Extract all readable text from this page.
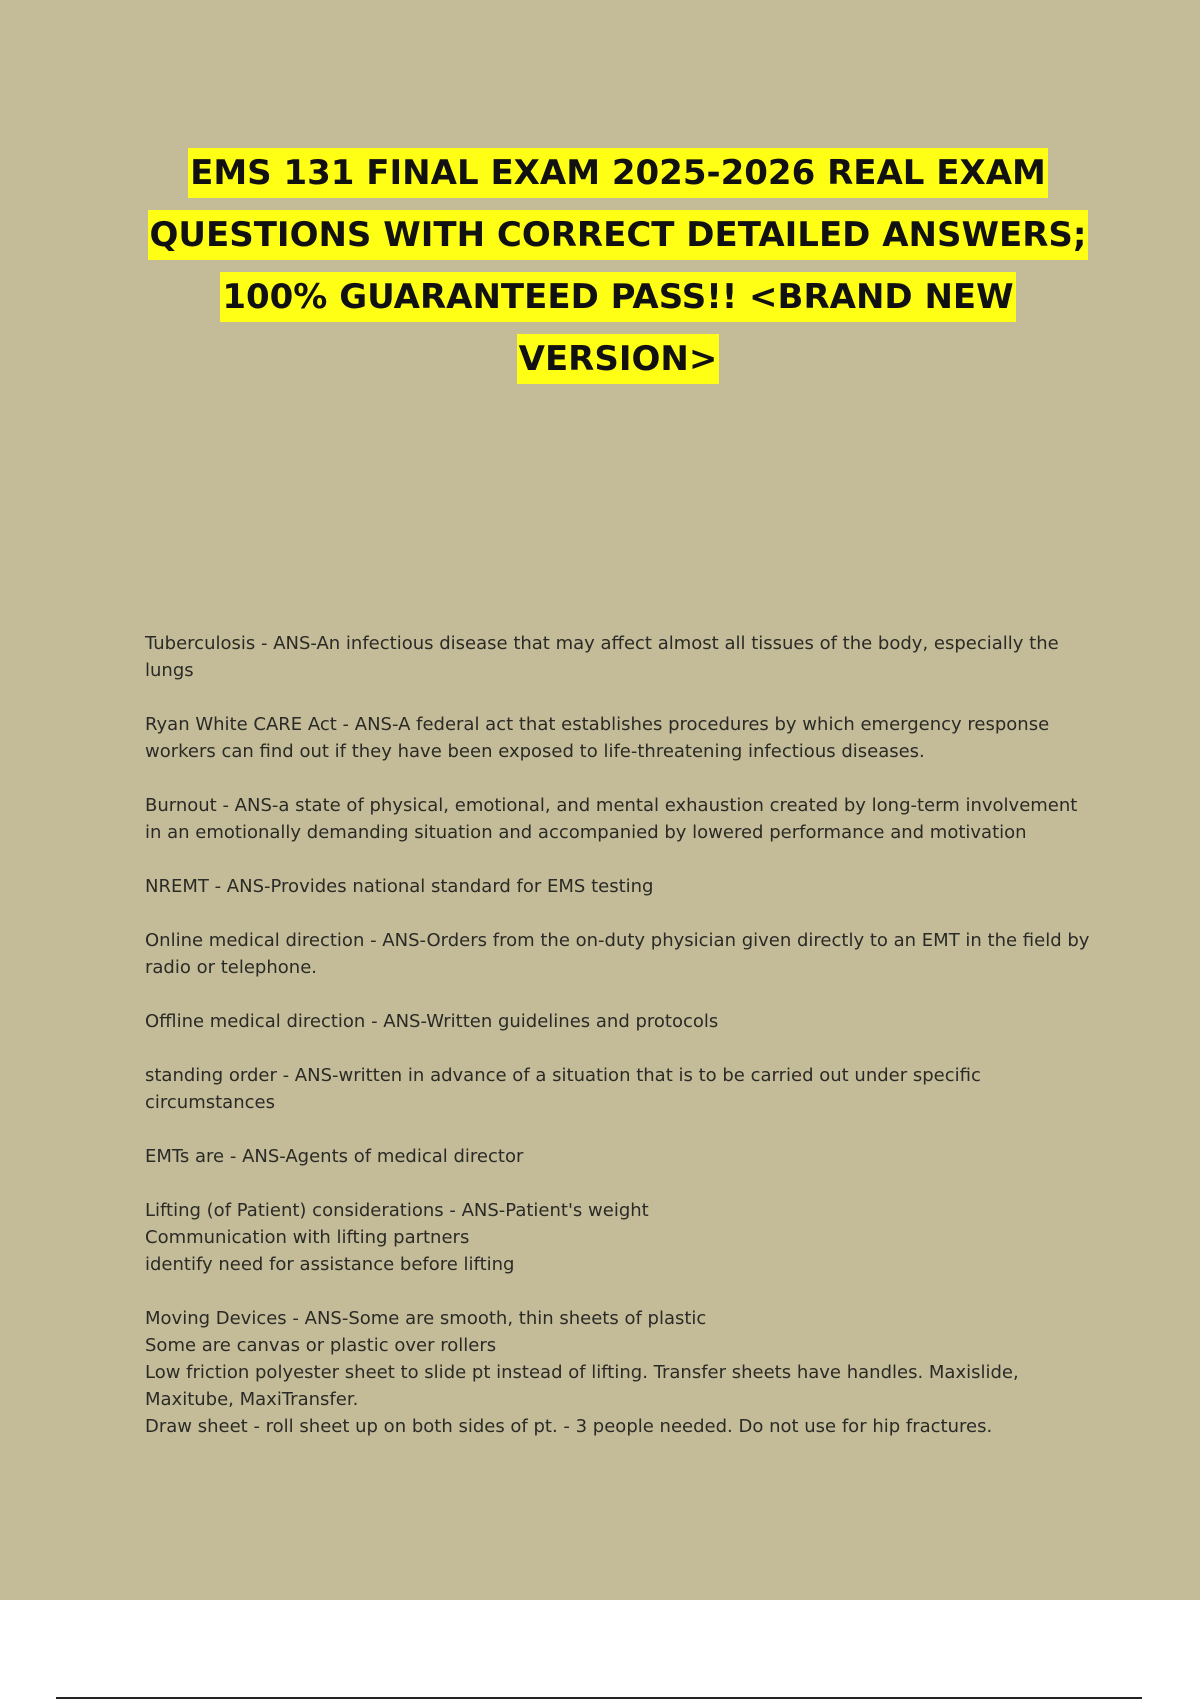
EMS 131 FINAL EXAM 2025-2026 REAL EXAM
QUESTIONS WITH CORRECT DETAILED ANSWERS;
100% GUARANTEED PASS!! <BRAND NEW
VERSION>
Tuberculosis - ANS-An infectious disease that may affect almost all tissues of the body, especially the
lungs
Ryan White CARE Act - ANS-A federal act that establishes procedures by which emergency response
workers can find out if they have been exposed to life-threatening infectious diseases.
Burnout - ANS-a state of physical, emotional, and mental exhaustion created by long-term involvement
in an emotionally demanding situation and accompanied by lowered performance and motivation
NREMT - ANS-Provides national standard for EMS testing
Online medical direction - ANS-Orders from the on-duty physician given directly to an EMT in the field by
radio or telephone.
Offline medical direction - ANS-Written guidelines and protocols
standing order - ANS-written in advance of a situation that is to be carried out under specific
circumstances
EMTs are - ANS-Agents of medical director
Lifting (of Patient) considerations - ANS-Patient's weight
Communication with lifting partners
identify need for assistance before lifting
Moving Devices - ANS-Some are smooth, thin sheets of plastic
Some are canvas or plastic over rollers
Low friction polyester sheet to slide pt instead of lifting. Transfer sheets have handles. Maxislide,
Maxitube, MaxiTransfer.
Draw sheet - roll sheet up on both sides of pt. - 3 people needed. Do not use for hip fractures.
